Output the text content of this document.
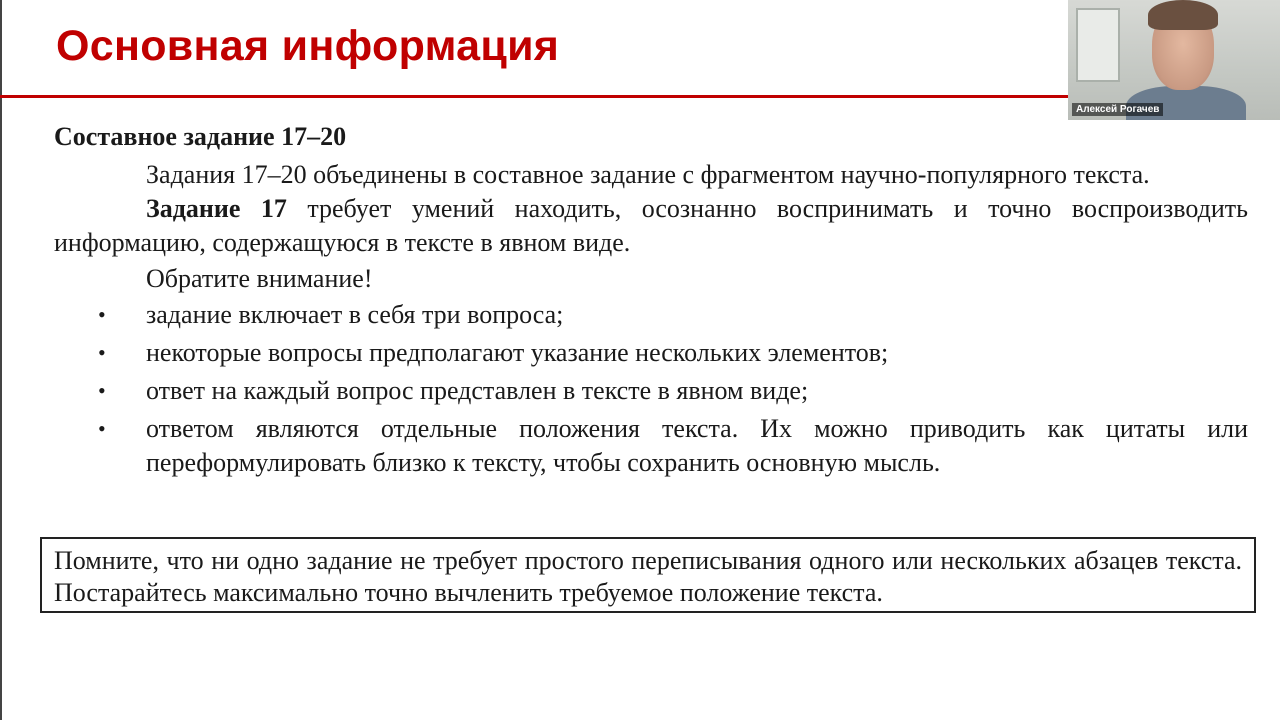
Основная информация

Составное задание 17–20

Задания 17–20 объединены в составное задание с фрагментом научно-популярного текста.

Задание 17 требует умений находить, осознанно воспринимать и точно воспроизводить информацию, содержащуюся в тексте в явном виде.

Обратите внимание!

• задание включает в себя три вопроса;
• некоторые вопросы предполагают указание нескольких элементов;
• ответ на каждый вопрос представлен в тексте в явном виде;
• ответом являются отдельные положения текста. Их можно приводить как цитаты или переформулировать близко к тексту, чтобы сохранить основную мысль.
Помните, что ни одно задание не требует простого переписывания одного или нескольких абзацев текста. Постарайтесь максимально точно вычленить требуемое положение текста.
Алексей Рогачев
